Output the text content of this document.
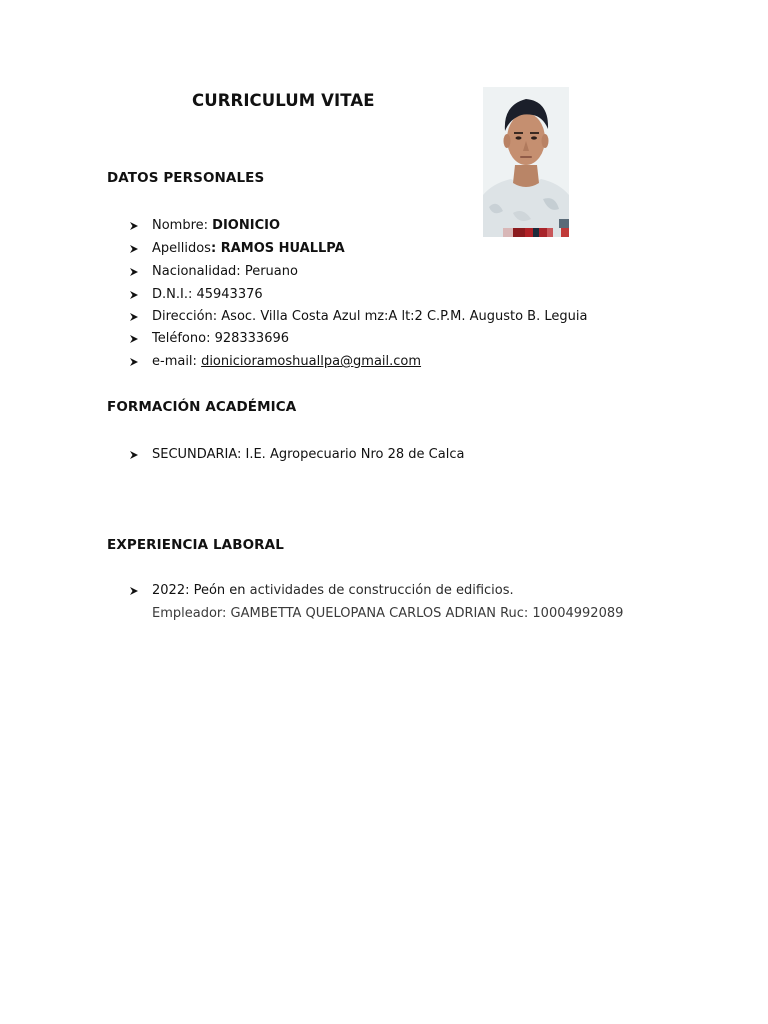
CURRICULUM VITAE
DATOS PERSONALES
Nombre: DIONICIO
Apellidos: RAMOS HUALLPA
Nacionalidad: Peruano
D.N.I.: 45943376
Dirección: Asoc. Villa Costa Azul mz:A lt:2 C.P.M. Augusto B. Leguia
Teléfono: 928333696
e-mail: dionicioramoshuallpa@gmail.com
FORMACIÓN ACADÉMICA
SECUNDARIA: I.E. Agropecuario Nro 28 de Calca
EXPERIENCIA LABORAL
2022: Peón en actividades de construcción de edificios.
Empleador: GAMBETTA QUELOPANA CARLOS ADRIAN Ruc: 10004992089
